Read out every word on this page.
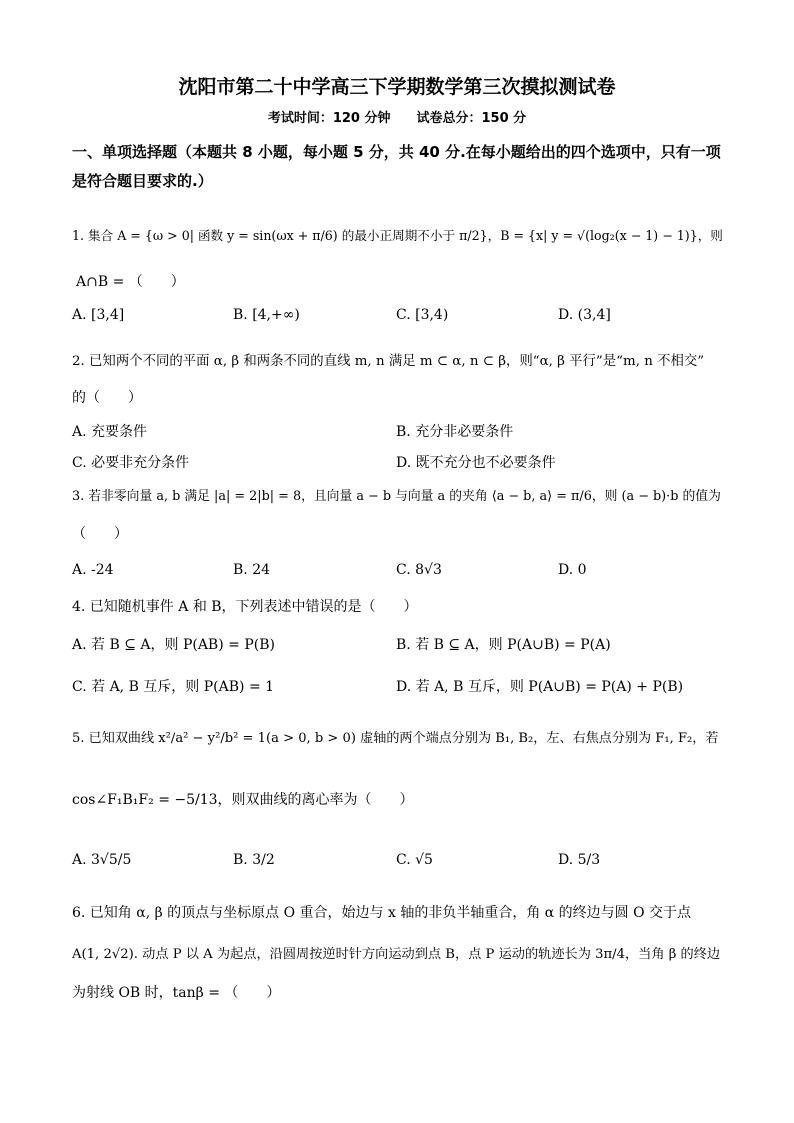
沈阳市第二十中学高三下学期数学第三次摸拟测试卷
考试时间：120 分钟　　试卷总分：150 分
一、单项选择题（本题共 8 小题，每小题 5 分，共 40 分.在每小题给出的四个选项中，只有一项是符合题目要求的.）
1. 集合 A = {ω > 0| 函数 y = sin(ωx + π/6) 的最小正周期不小于 π/2}，B = {x| y = √(log₂(x − 1) − 1)}，则
A∩B = （　　）
A. [3,4]	B. [4,+∞)	C. [3,4)	D. (3,4]
2. 已知两个不同的平面 α, β 和两条不同的直线 m, n 满足 m ⊂ α, n ⊂ β，则“α, β 平行”是“m, n 不相交”
的（　　）
A. 充要条件	B. 充分非必要条件
C. 必要非充分条件	D. 既不充分也不必要条件
3. 若非零向量 a, b 满足 |a| = 2|b| = 8，且向量 a − b 与向量 a 的夹角 ⟨a − b, a⟩ = π/6，则 (a − b)·b 的值为
（　　）
A. -24	B. 24	C. 8√3	D. 0
4. 已知随机事件 A 和 B，下列表述中错误的是（　　）
A. 若 B ⊆ A，则 P(AB) = P(B)	B. 若 B ⊆ A，则 P(A∪B) = P(A)
C. 若 A, B 互斥，则 P(AB) = 1	D. 若 A, B 互斥，则 P(A∪B) = P(A) + P(B)
5. 已知双曲线 x²/a² − y²/b² = 1(a > 0, b > 0) 虚轴的两个端点分别为 B₁, B₂，左、右焦点分别为 F₁, F₂，若
cos∠F₁B₁F₂ = −5/13，则双曲线的离心率为（　　）
A. 3√5/5	B. 3/2	C. √5	D. 5/3
6. 已知角 α, β 的顶点与坐标原点 O 重合，始边与 x 轴的非负半轴重合，角 α 的终边与圆 O 交于点
A(1, 2√2). 动点 P 以 A 为起点，沿圆周按逆时针方向运动到点 B，点 P 运动的轨迹长为 3π/4，当角 β 的终边
为射线 OB 时，tanβ = （　　）
